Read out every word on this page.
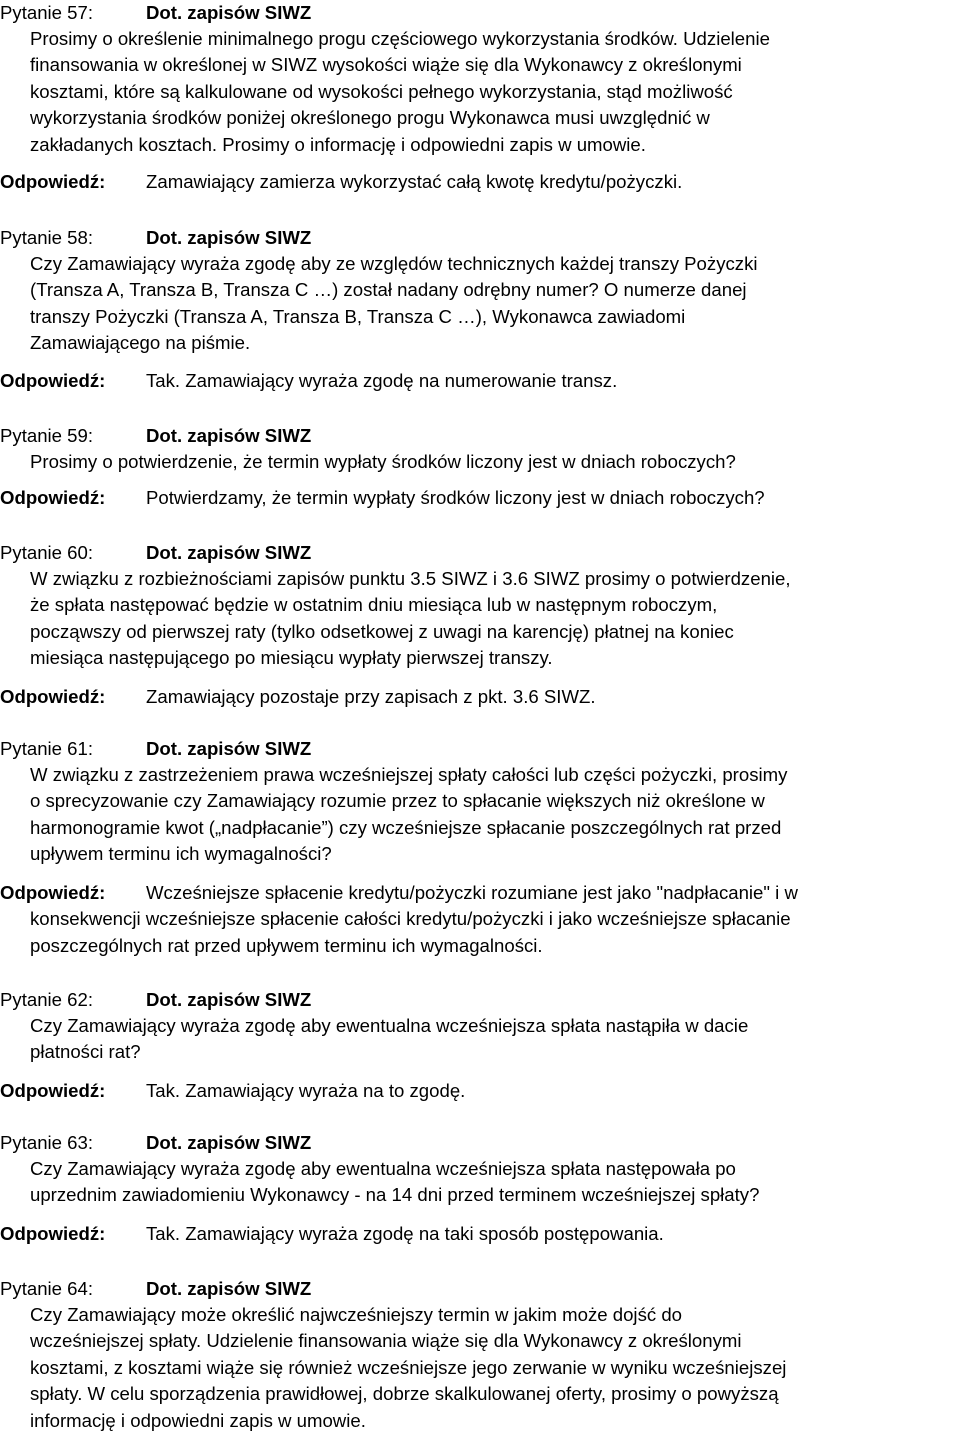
Pytanie 57:	Dot. zapisów SIWZ
Prosimy o określenie minimalnego progu częściowego wykorzystania środków. Udzielenie
finansowania w określonej w SIWZ wysokości wiąże się dla Wykonawcy z określonymi
kosztami, które są kalkulowane od wysokości pełnego wykorzystania, stąd możliwość
wykorzystania środków poniżej określonego progu Wykonawca musi uwzględnić w
zakładanych kosztach. Prosimy o informację i odpowiedni zapis w umowie.
Odpowiedź: Zamawiający zamierza wykorzystać całą kwotę kredytu/pożyczki.
Pytanie 58:	Dot. zapisów SIWZ
Czy Zamawiający wyraża zgodę aby ze względów technicznych każdej transzy Pożyczki
(Transza A, Transza B, Transza C …) został nadany odrębny numer? O numerze danej
transzy Pożyczki (Transza A, Transza B, Transza C …), Wykonawca zawiadomi
Zamawiającego na piśmie.
Odpowiedź: Tak. Zamawiający wyraża zgodę na numerowanie transz.
Pytanie 59:	Dot. zapisów SIWZ
Prosimy o potwierdzenie, że termin wypłaty środków liczony jest w dniach roboczych?
Odpowiedź: Potwierdzamy, że termin wypłaty środków liczony jest w dniach roboczych?
Pytanie 60:	Dot. zapisów SIWZ
W związku z rozbieżnościami zapisów punktu 3.5 SIWZ i 3.6 SIWZ prosimy o potwierdzenie,
że spłata następować będzie w ostatnim dniu miesiąca lub w następnym roboczym,
począwszy od pierwszej raty (tylko odsetkowej z uwagi na karencję) płatnej na koniec
miesiąca następującego po miesiącu wypłaty pierwszej transzy.
Odpowiedź: Zamawiający pozostaje przy zapisach z pkt. 3.6 SIWZ.
Pytanie 61:	Dot. zapisów SIWZ
W związku z zastrzeżeniem prawa wcześniejszej spłaty całości lub części pożyczki, prosimy
o sprecyzowanie czy Zamawiający rozumie przez to spłacanie większych niż określone w
harmonogramie kwot („nadpłacanie”) czy wcześniejsze spłacanie poszczególnych rat przed
upływem terminu ich wymagalności?
Odpowiedź: Wcześniejsze spłacenie kredytu/pożyczki rozumiane jest jako "nadpłacanie" i w
konsekwencji wcześniejsze spłacenie całości kredytu/pożyczki i jako wcześniejsze spłacanie
poszczególnych rat przed upływem terminu ich wymagalności.
Pytanie 62:	Dot. zapisów SIWZ
Czy Zamawiający wyraża zgodę aby ewentualna wcześniejsza spłata nastąpiła w dacie
płatności rat?
Odpowiedź: Tak. Zamawiający wyraża na to zgodę.
Pytanie 63:	Dot. zapisów SIWZ
Czy Zamawiający wyraża zgodę aby ewentualna wcześniejsza spłata następowała po
uprzednim zawiadomieniu Wykonawcy - na 14 dni przed terminem wcześniejszej spłaty?
Odpowiedź: Tak. Zamawiający wyraża zgodę na taki sposób postępowania.
Pytanie 64:	Dot. zapisów SIWZ
Czy Zamawiający może określić najwcześniejszy termin w jakim może dojść do
wcześniejszej spłaty. Udzielenie finansowania wiąże się dla Wykonawcy z określonymi
kosztami, z kosztami wiąże się również wcześniejsze jego zerwanie w wyniku wcześniejszej
spłaty. W celu sporządzenia prawidłowej, dobrze skalkulowanej oferty, prosimy o powyższą
informację i odpowiedni zapis w umowie.
